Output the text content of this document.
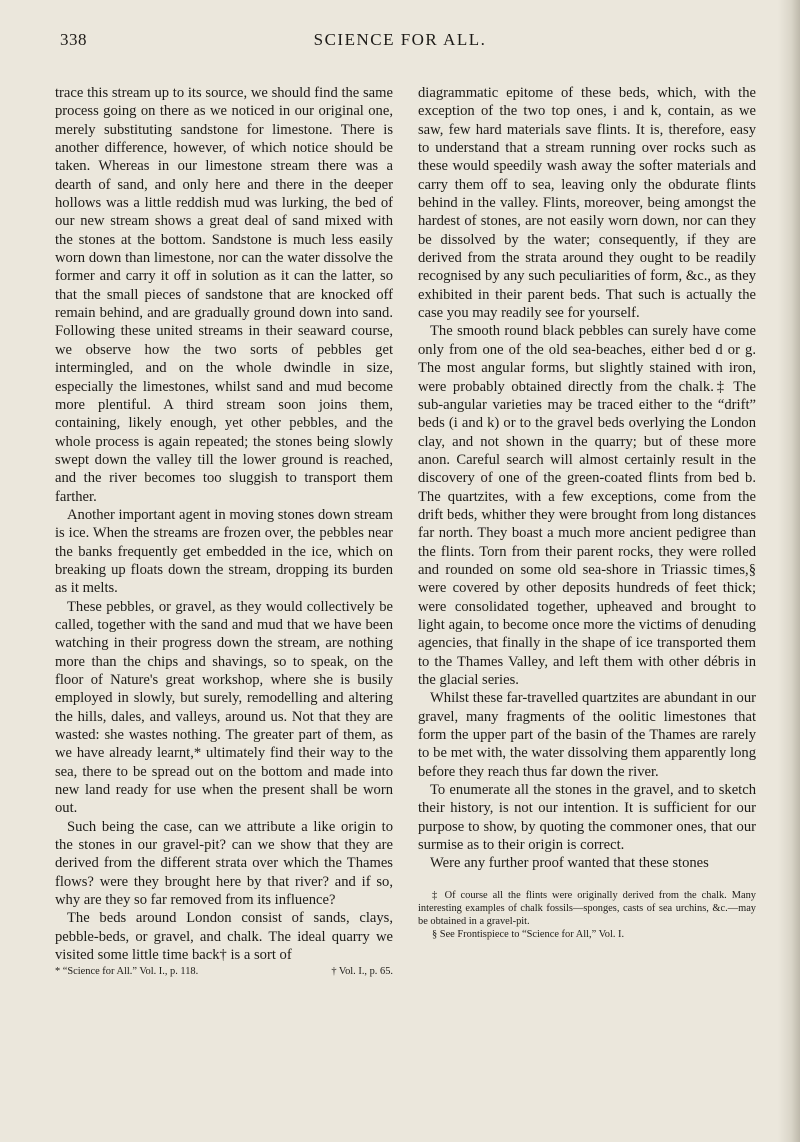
338	SCIENCE FOR ALL.

trace this stream up to its source, we should find the same process going on there as we noticed in our original one, merely substituting sandstone for limestone. There is another difference, however, of which notice should be taken. Whereas in our limestone stream there was a dearth of sand, and only here and there in the deeper hollows was a little reddish mud was lurking, the bed of our new stream shows a great deal of sand mixed with the stones at the bottom. Sandstone is much less easily worn down than limestone, nor can the water dissolve the former and carry it off in solution as it can the latter, so that the small pieces of sandstone that are knocked off remain behind, and are gradually ground down into sand. Following these united streams in their seaward course, we observe how the two sorts of pebbles get intermingled, and on the whole dwindle in size, especially the limestones, whilst sand and mud become more plentiful. A third stream soon joins them, containing, likely enough, yet other pebbles, and the whole process is again repeated; the stones being slowly swept down the valley till the lower ground is reached, and the river becomes too sluggish to transport them farther.

Another important agent in moving stones down stream is ice. When the streams are frozen over, the pebbles near the banks frequently get embedded in the ice, which on breaking up floats down the stream, dropping its burden as it melts.

These pebbles, or gravel, as they would collectively be called, together with the sand and mud that we have been watching in their progress down the stream, are nothing more than the chips and shavings, so to speak, on the floor of Nature's great workshop, where she is busily employed in slowly, but surely, remodelling and altering the hills, dales, and valleys, around us. Not that they are wasted: she wastes nothing. The greater part of them, as we have already learnt,* ultimately find their way to the sea, there to be spread out on the bottom and made into new land ready for use when the present shall be worn out.

Such being the case, can we attribute a like origin to the stones in our gravel-pit? can we show that they are derived from the different strata over which the Thames flows? were they brought here by that river? and if so, why are they so far removed from its influence?

The beds around London consist of sands, clays, pebble-beds, or gravel, and chalk. The ideal quarry we visited some little time back† is a sort of

* “Science for All.” Vol. I., p. 118.	† Vol. I., p. 65.

diagrammatic epitome of these beds, which, with the exception of the two top ones, i and k, contain, as we saw, few hard materials save flints. It is, therefore, easy to understand that a stream running over rocks such as these would speedily wash away the softer materials and carry them off to sea, leaving only the obdurate flints behind in the valley. Flints, moreover, being amongst the hardest of stones, are not easily worn down, nor can they be dissolved by the water; consequently, if they are derived from the strata around they ought to be readily recognised by any such peculiarities of form, &c., as they exhibited in their parent beds. That such is actually the case you may readily see for yourself.

The smooth round black pebbles can surely have come only from one of the old sea-beaches, either bed d or g. The most angular forms, but slightly stained with iron, were probably obtained directly from the chalk.‡ The sub-angular varieties may be traced either to the “drift” beds (i and k) or to the gravel beds overlying the London clay, and not shown in the quarry; but of these more anon. Careful search will almost certainly result in the discovery of one of the green-coated flints from bed b. The quartzites, with a few exceptions, come from the drift beds, whither they were brought from long distances far north. They boast a much more ancient pedigree than the flints. Torn from their parent rocks, they were rolled and rounded on some old sea-shore in Triassic times,§ were covered by other deposits hundreds of feet thick; were consolidated together, upheaved and brought to light again, to become once more the victims of denuding agencies, that finally in the shape of ice transported them to the Thames Valley, and left them with other débris in the glacial series.

Whilst these far-travelled quartzites are abundant in our gravel, many fragments of the oolitic limestones that form the upper part of the basin of the Thames are rarely to be met with, the water dissolving them apparently long before they reach thus far down the river.

To enumerate all the stones in the gravel, and to sketch their history, is not our intention. It is sufficient for our purpose to show, by quoting the commoner ones, that our surmise as to their origin is correct.

Were any further proof wanted that these stones

‡ Of course all the flints were originally derived from the chalk. Many interesting examples of chalk fossils—sponges, casts of sea urchins, &c.—may be obtained in a gravel-pit.

§ See Frontispiece to “Science for All,” Vol. I.
